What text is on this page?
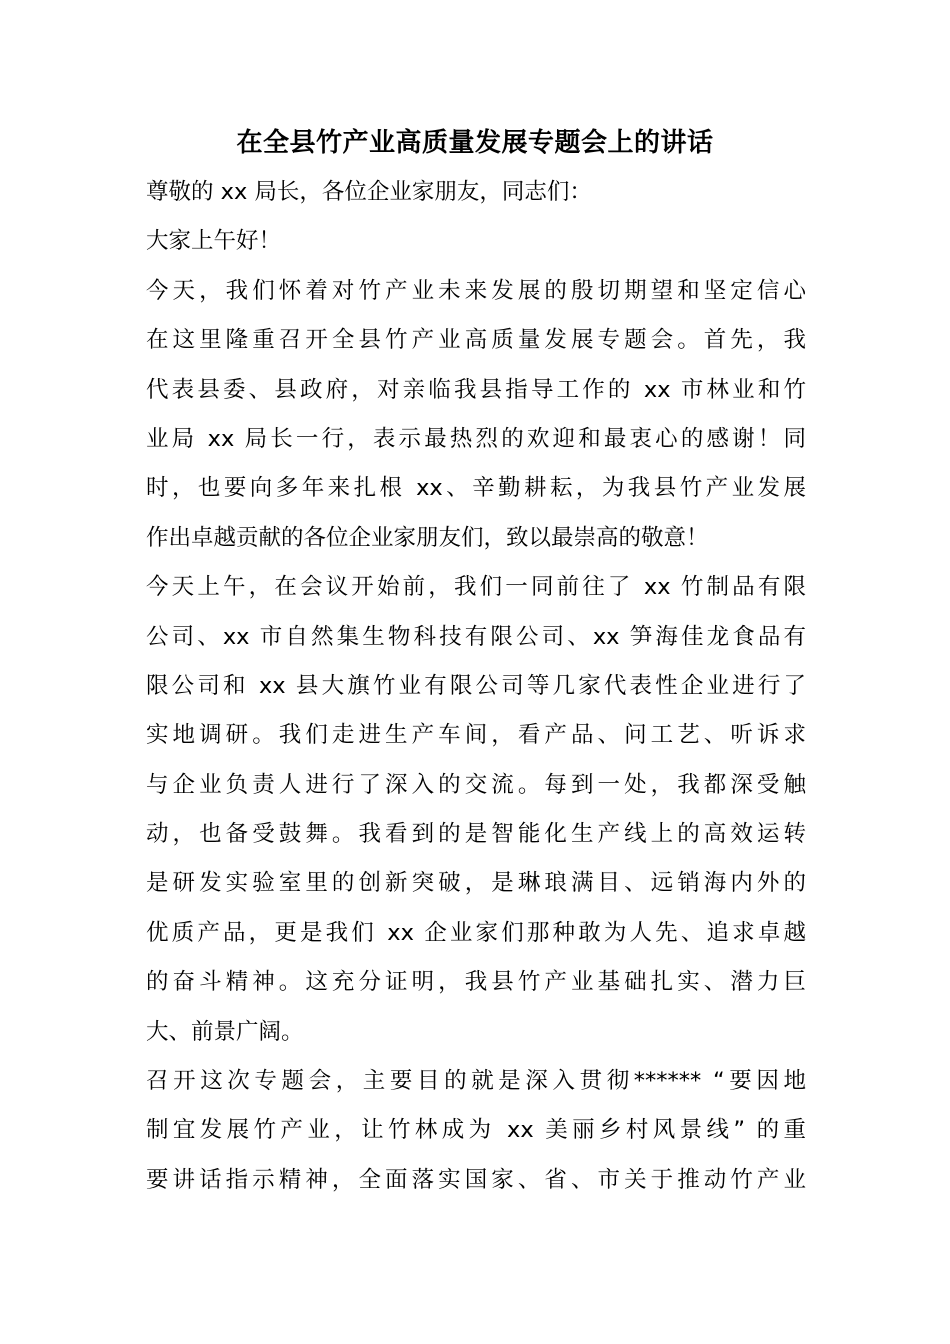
在全县竹产业高质量发展专题会上的讲话
尊敬的 xx 局长，各位企业家朋友，同志们：
大家上午好！
今天，我们怀着对竹产业未来发展的殷切期望和坚定信心
在这里隆重召开全县竹产业高质量发展专题会。首先，我
代表县委、县政府，对亲临我县指导工作的 xx 市林业和竹
业局 xx 局长一行，表示最热烈的欢迎和最衷心的感谢！同
时，也要向多年来扎根 xx、辛勤耕耘，为我县竹产业发展
作出卓越贡献的各位企业家朋友们，致以最崇高的敬意！
今天上午，在会议开始前，我们一同前往了 xx 竹制品有限
公司、xx 市自然集生物科技有限公司、xx 笋海佳龙食品有
限公司和 xx 县大旗竹业有限公司等几家代表性企业进行了
实地调研。我们走进生产车间，看产品、问工艺、听诉求
与企业负责人进行了深入的交流。每到一处，我都深受触
动，也备受鼓舞。我看到的是智能化生产线上的高效运转
是研发实验室里的创新突破，是琳琅满目、远销海内外的
优质产品，更是我们 xx 企业家们那种敢为人先、追求卓越
的奋斗精神。这充分证明，我县竹产业基础扎实、潜力巨
大、前景广阔。
召开这次专题会，主要目的就是深入贯彻****** “要因地
制宜发展竹产业，让竹林成为 xx 美丽乡村风景线” 的重
要讲话指示精神，全面落实国家、省、市关于推动竹产业
